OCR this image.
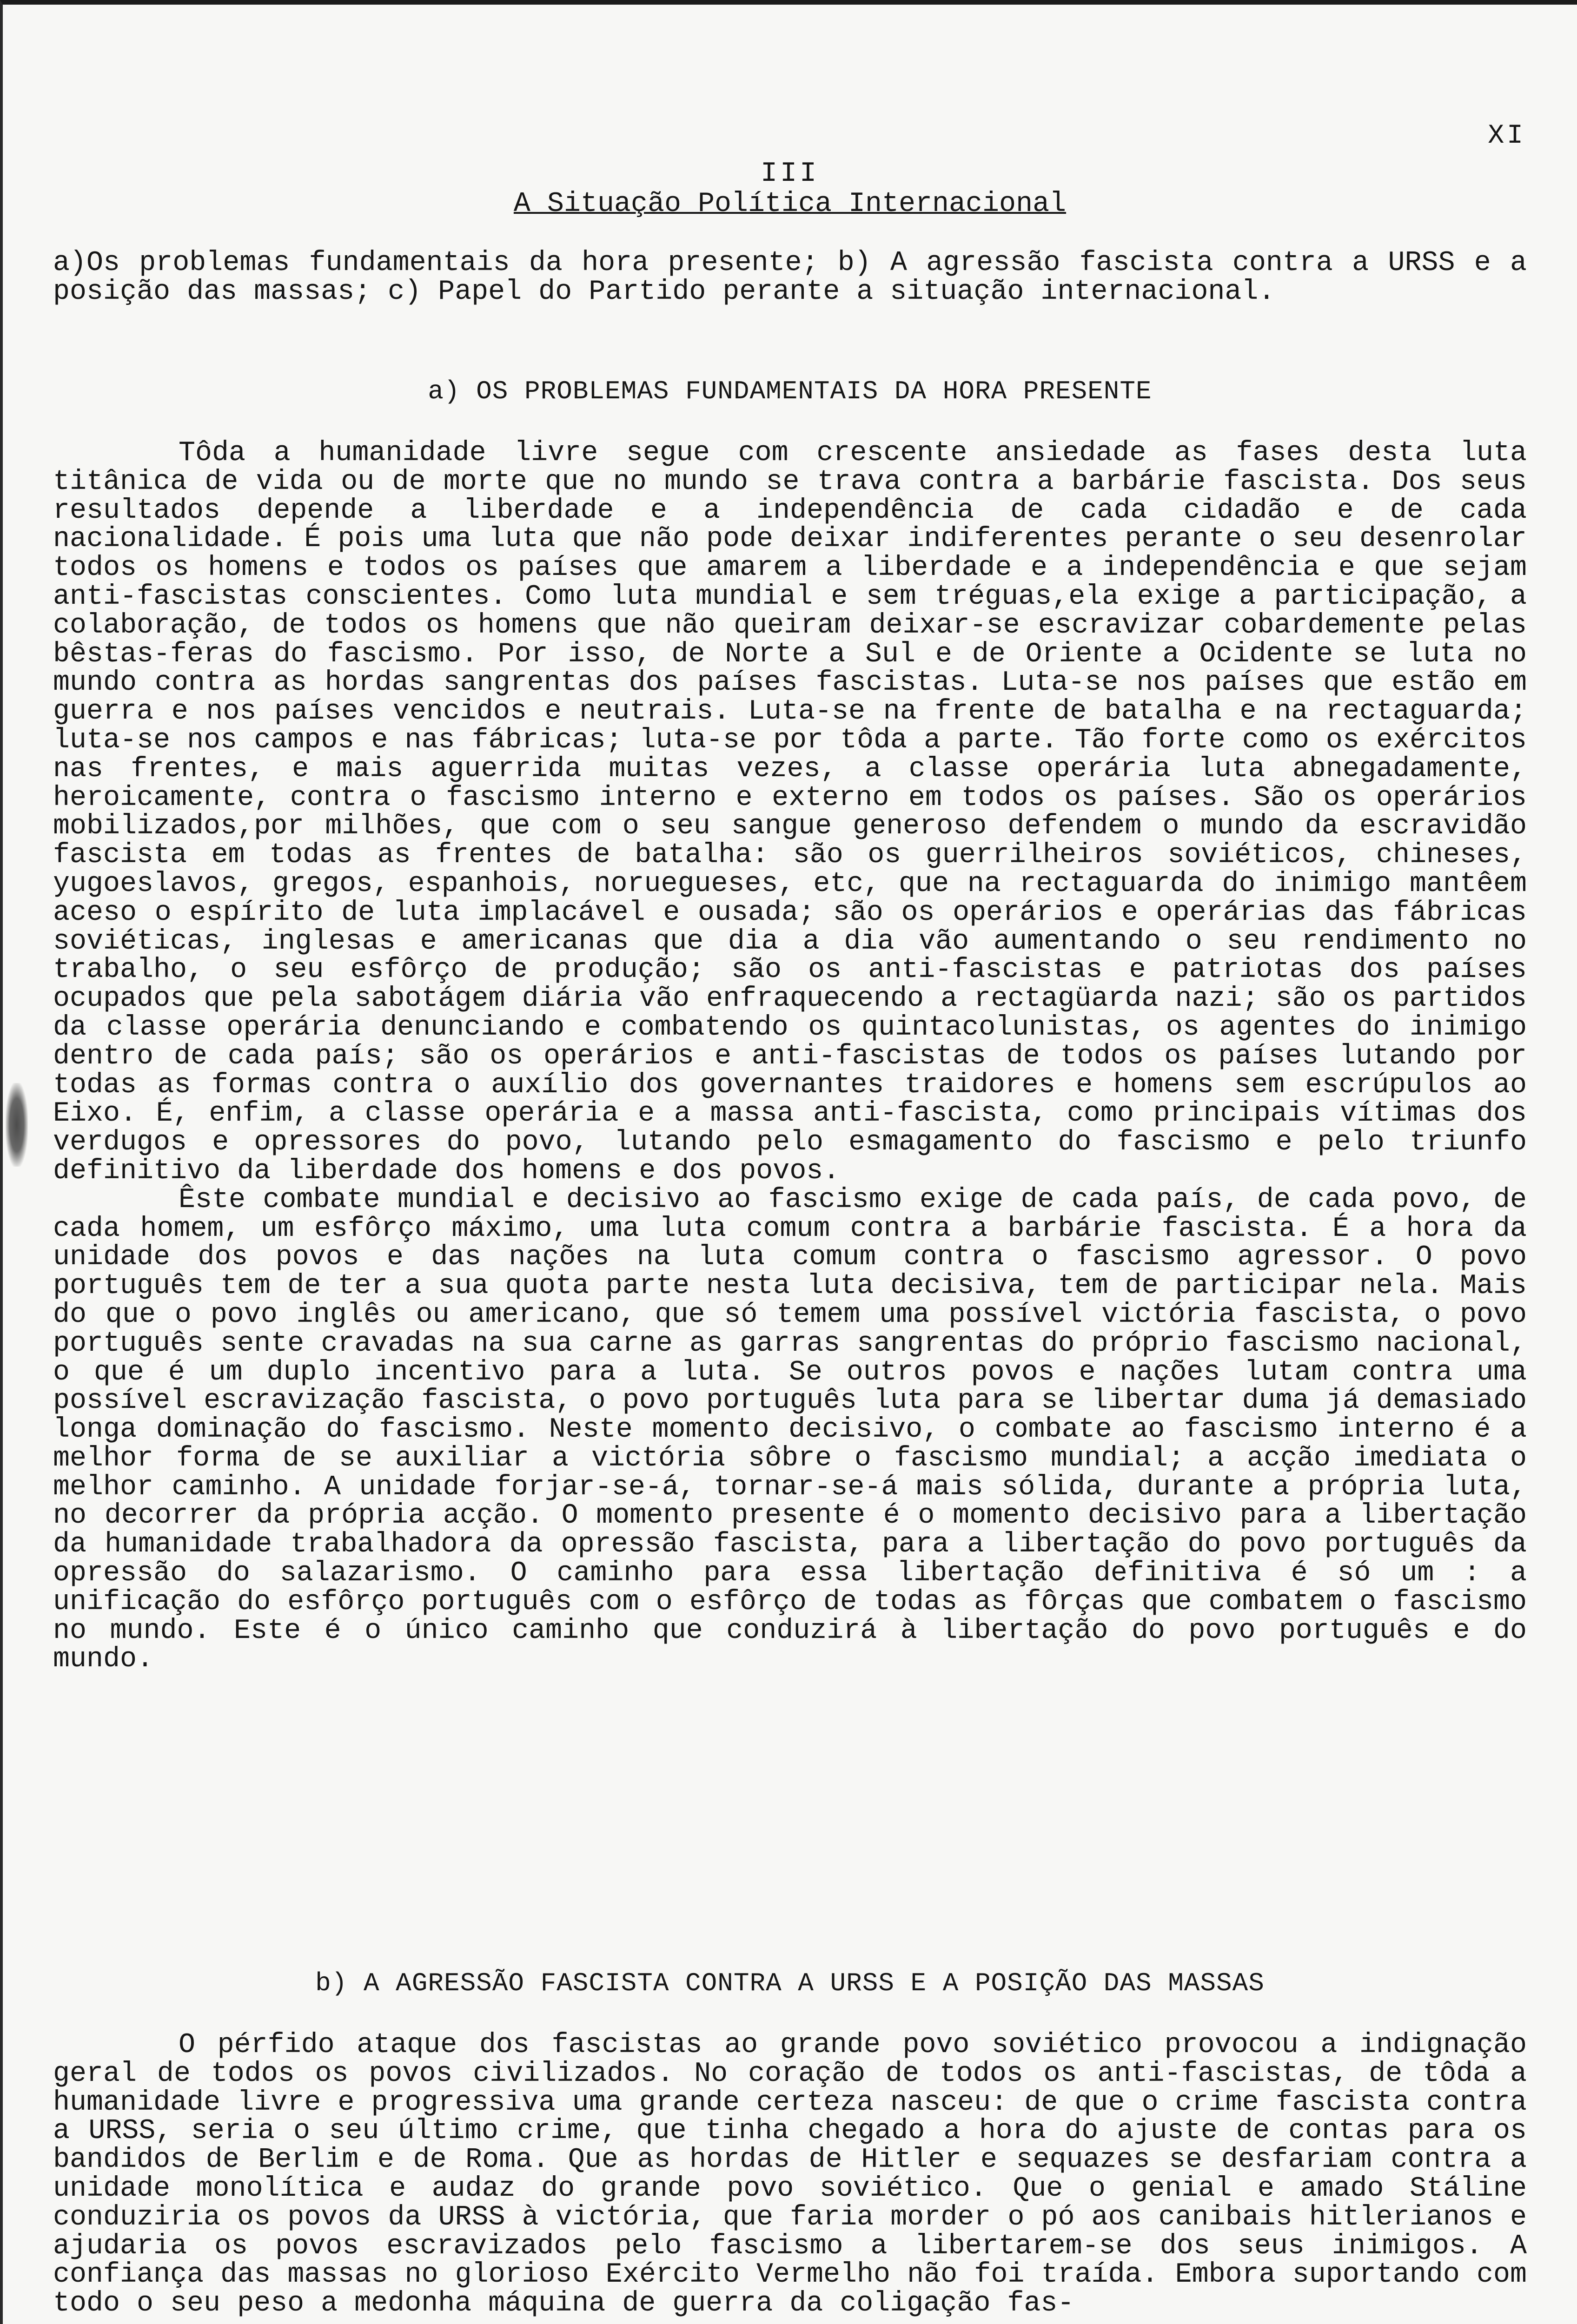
XI
III
A Situação Política Internacional
a)Os problemas fundamentais da hora presente; b) A agressão fascista contra a URSS e a posição das massas; c) Papel do Partido perante a situação internacional.
a) OS PROBLEMAS FUNDAMENTAIS DA HORA PRESENTE

Tôda a humanidade livre segue com crescente ansiedade as fases desta luta titânica de vida ou de morte que no mundo se trava contra a barbárie fascista. Dos seus resultados depende a liberdade e a independência de cada cidadão e de cada nacionalidade. É pois uma luta que não pode deixar indiferentes perante o seu desenrolar todos os homens e todos os países que amarem a liberdade e a independência e que sejam anti-fascistas conscientes. Como luta mundial e sem tréguas,ela exige a participação, a colaboração, de todos os homens que não queiram deixar-se escravizar cobardemente pelas bêstas-feras do fascismo. Por isso, de Norte a Sul e de Oriente a Ocidente se luta no mundo contra as hordas sangrentas dos países fascistas. Luta-se nos países que estão em guerra e nos países vencidos e neutrais. Luta-se na frente de batalha e na rectaguarda; luta-se nos campos e nas fábricas; luta-se por tôda a parte. Tão forte como os exércitos nas frentes, e mais aguerrida muitas vezes, a classe operária luta abnegadamente, heroicamente, contra o fascismo interno e externo em todos os países. São os operários mobilizados,por milhões, que com o seu sangue generoso defendem o mundo da escravidão fascista em todas as frentes de batalha: são os guerrilheiros soviéticos, chineses, yugoeslavos, gregos, espanhois, noruegueses, etc, que na rectaguarda do inimigo mantêem aceso o espírito de luta implacável e ousada; são os operários e operárias das fábricas soviéticas, inglesas e americanas que dia a dia vão aumentando o seu rendimento no trabalho, o seu esfôrço de produção; são os anti-fascistas e patriotas dos países ocupados que pela sabotágem diária vão enfraquecendo a rectagüarda nazi; são os partidos da classe operária denunciando e combatendo os quintacolunistas, os agentes do inimigo dentro de cada país; são os operários e anti-fascistas de todos os países lutando por todas as formas contra o auxílio dos governantes traidores e homens sem escrúpulos ao Eixo. É, enfim, a classe operária e a massa anti-fascista, como principais vítimas dos verdugos e opressores do povo, lutando pelo esmagamento do fascismo e pelo triunfo definitivo da liberdade dos homens e dos povos.

Êste combate mundial e decisivo ao fascismo exige de cada país, de cada povo, de cada homem, um esfôrço máximo, uma luta comum contra a barbárie fascista. É a hora da unidade dos povos e das nações na luta comum contra o fascismo agressor. O povo português tem de ter a sua quota parte nesta luta decisiva, tem de participar nela. Mais do que o povo inglês ou americano, que só temem uma possível victória fascista, o povo português sente cravadas na sua carne as garras sangrentas do próprio fascismo nacional, o que é um duplo incentivo para a luta. Se outros povos e nações lutam contra uma possível escravização fascista, o povo português luta para se libertar duma já demasiado longa dominação do fascismo. Neste momento decisivo, o combate ao fascismo interno é a melhor forma de se auxiliar a victória sôbre o fascismo mundial; a acção imediata o melhor caminho. A unidade forjar-se-á, tornar-se-á mais sólida, durante a própria luta, no decorrer da própria acção. O momento presente é o momento decisivo para a libertação da humanidade trabalhadora da opressão fascista, para a libertação do povo português da opressão do salazarismo. O caminho para essa libertação definitiva é só um : a unificação do esfôrço português com o esfôrço de todas as fôrças que combatem o fascismo no mundo. Este é o único caminho que conduzirá à libertação do povo português e do mundo.

b) A AGRESSÃO FASCISTA CONTRA A URSS E A POSIÇÃO DAS MASSAS

O pérfido ataque dos fascistas ao grande povo soviético provocou a indignação geral de todos os povos civilizados. No coração de todos os anti-fascistas, de tôda a humanidade livre e progressiva uma grande certeza nasceu: de que o crime fascista contra a URSS, seria o seu último crime, que tinha chegado a hora do ajuste de contas para os bandidos de Berlim e de Roma. Que as hordas de Hitler e sequazes se desfariam contra a unidade monolítica e audaz do grande povo soviético. Que o genial e amado Stáline conduziria os povos da URSS à victória, que faria morder o pó aos canibais hitlerianos e ajudaria os povos escravizados pelo fascismo a libertarem-se dos seus inimigos. A confiança das massas no glorioso Exército Vermelho não foi traída. Embora suportando com todo o seu peso a medonha máquina de guerra da coligação fas-
